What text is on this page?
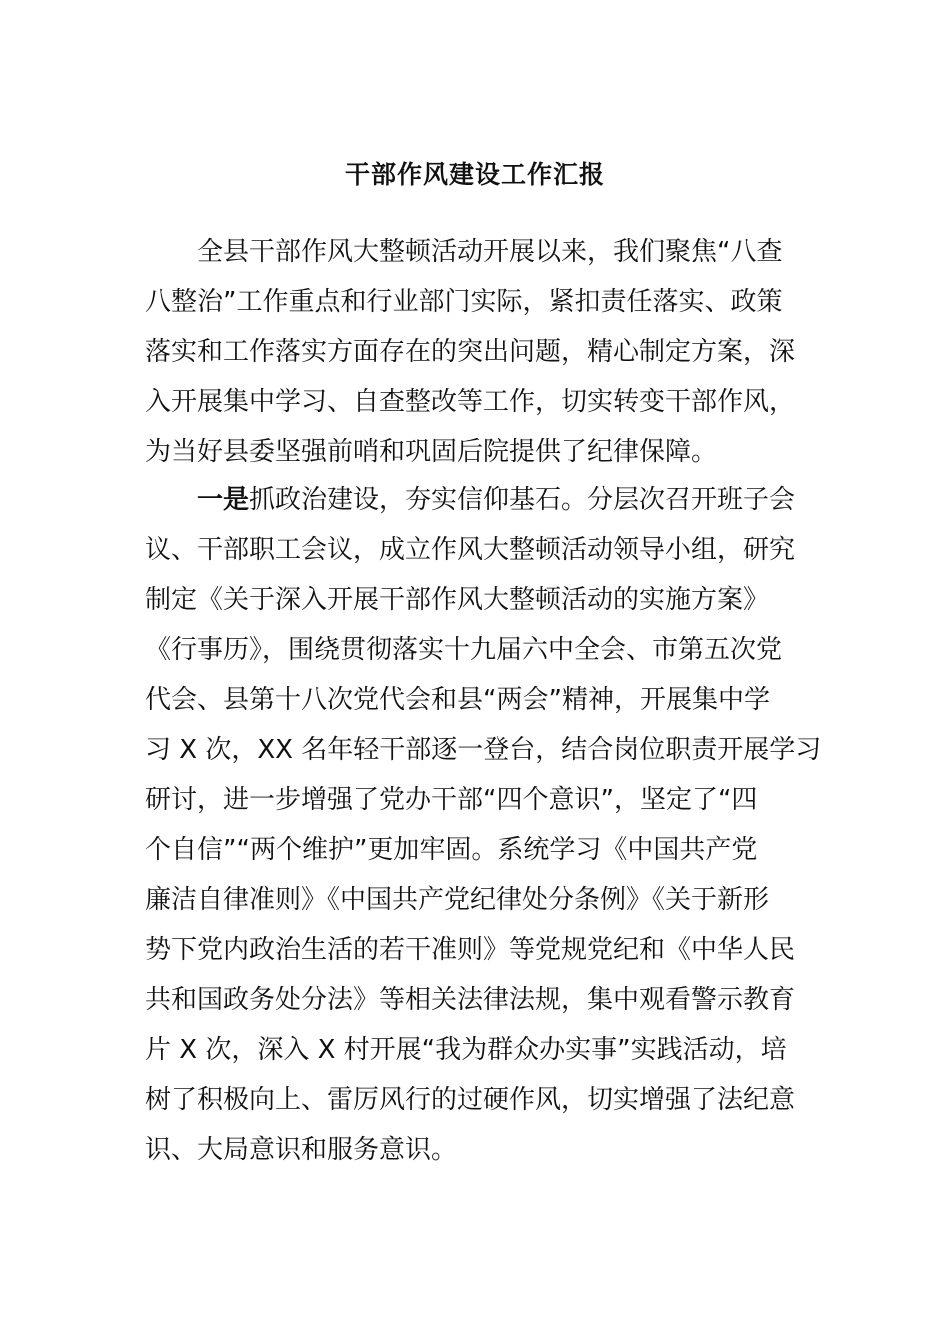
干部作风建设工作汇报
全县干部作风大整顿活动开展以来，我们聚焦“八查
八整治”工作重点和行业部门实际，紧扣责任落实、政策
落实和工作落实方面存在的突出问题，精心制定方案，深
入开展集中学习、自查整改等工作，切实转变干部作风，
为当好县委坚强前哨和巩固后院提供了纪律保障。
一是抓政治建设，夯实信仰基石。分层次召开班子会
议、干部职工会议，成立作风大整顿活动领导小组，研究
制定《关于深入开展干部作风大整顿活动的实施方案》
《行事历》，围绕贯彻落实十九届六中全会、市第五次党
代会、县第十八次党代会和县“两会”精神，开展集中学
习 X 次，XX 名年轻干部逐一登台，结合岗位职责开展学习
研讨，进一步增强了党办干部“四个意识”，坚定了“四
个自信”“两个维护”更加牢固。系统学习《中国共产党
廉洁自律准则》《中国共产党纪律处分条例》《关于新形
势下党内政治生活的若干准则》等党规党纪和《中华人民
共和国政务处分法》等相关法律法规，集中观看警示教育
片 X 次，深入 X 村开展“我为群众办实事”实践活动，培
树了积极向上、雷厉风行的过硬作风，切实增强了法纪意
识、大局意识和服务意识。
